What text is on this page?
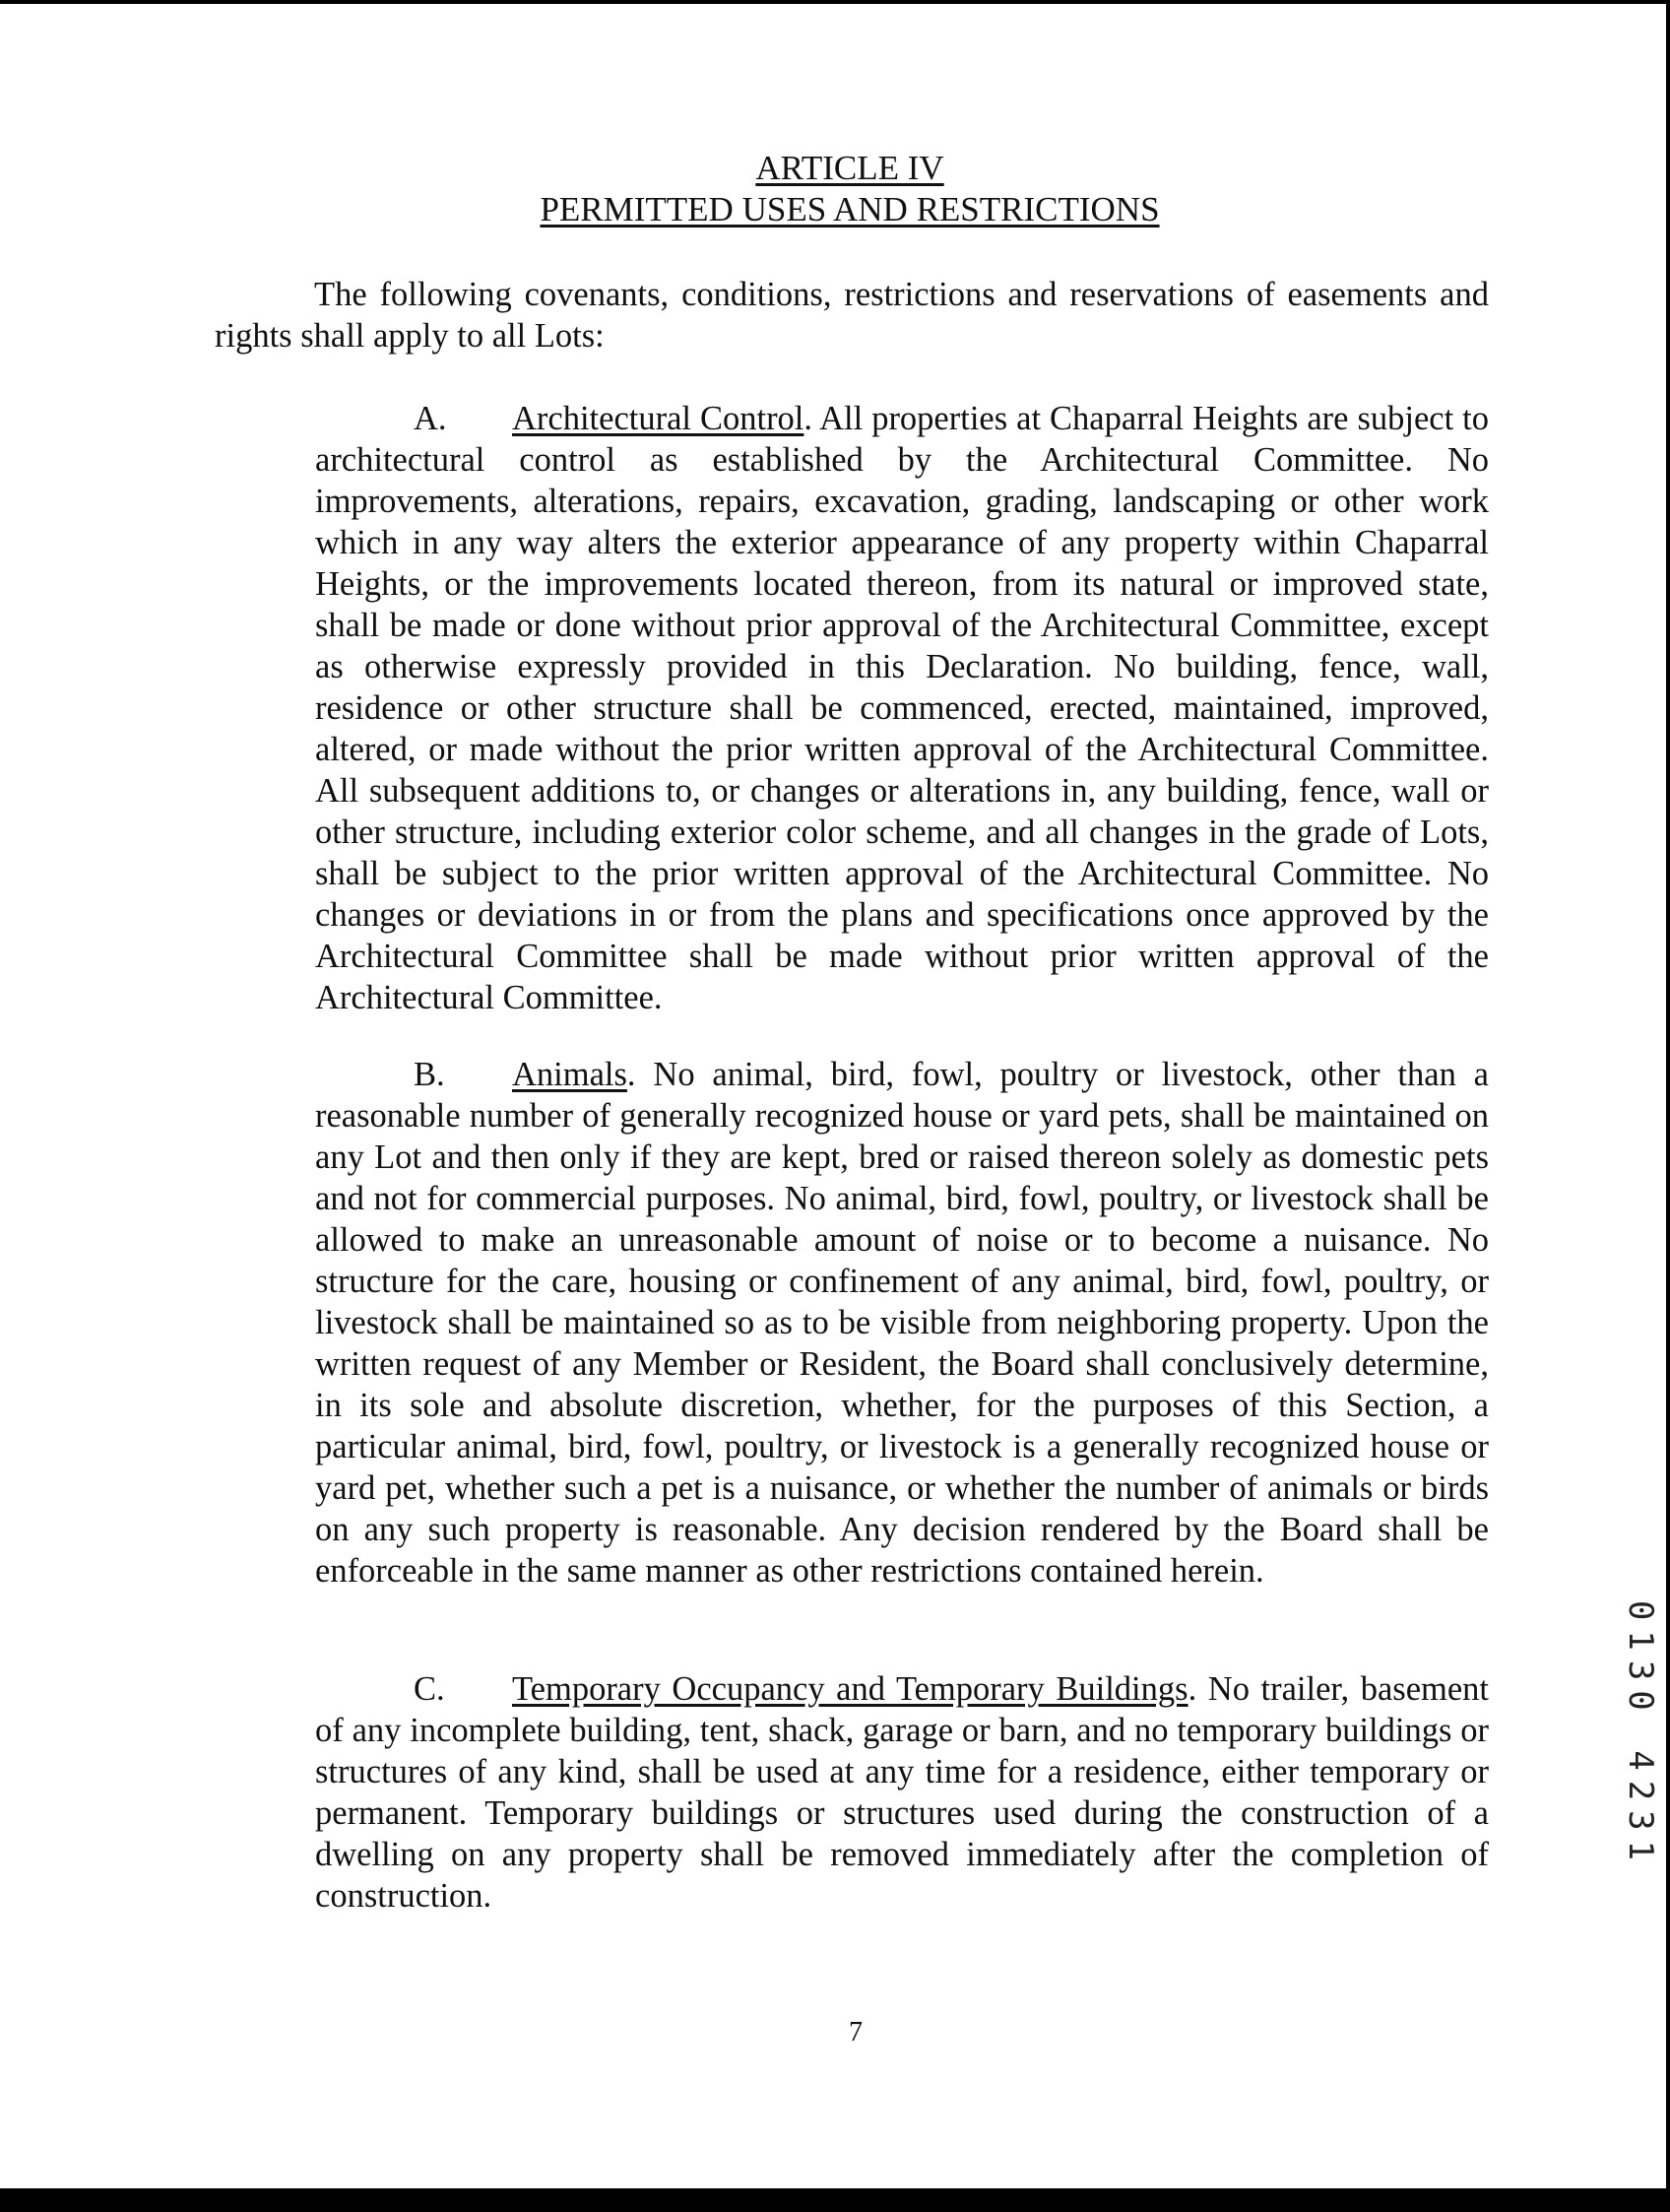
ARTICLE IV
PERMITTED USES AND RESTRICTIONS

The following covenants, conditions, restrictions and reservations of easements and rights shall apply to all Lots:

A. Architectural Control. All properties at Chaparral Heights are subject to architectural control as established by the Architectural Committee. No improvements, alterations, repairs, excavation, grading, landscaping or other work which in any way alters the exterior appearance of any property within Chaparral Heights, or the improvements located thereon, from its natural or improved state, shall be made or done without prior approval of the Architectural Committee, except as otherwise expressly provided in this Declaration. No building, fence, wall, residence or other structure shall be commenced, erected, maintained, improved, altered, or made without the prior written approval of the Architectural Committee. All subsequent additions to, or changes or alterations in, any building, fence, wall or other structure, including exterior color scheme, and all changes in the grade of Lots, shall be subject to the prior written approval of the Architectural Committee. No changes or deviations in or from the plans and specifications once approved by the Architectural Committee shall be made without prior written approval of the Architectural Committee.

B. Animals. No animal, bird, fowl, poultry or livestock, other than a reasonable number of generally recognized house or yard pets, shall be maintained on any Lot and then only if they are kept, bred or raised thereon solely as domestic pets and not for commercial purposes. No animal, bird, fowl, poultry, or livestock shall be allowed to make an unreasonable amount of noise or to become a nuisance. No structure for the care, housing or confinement of any animal, bird, fowl, poultry, or livestock shall be maintained so as to be visible from neighboring property. Upon the written request of any Member or Resident, the Board shall conclusively determine, in its sole and absolute discretion, whether, for the purposes of this Section, a particular animal, bird, fowl, poultry, or livestock is a generally recognized house or yard pet, whether such a pet is a nuisance, or whether the number of animals or birds on any such property is reasonable. Any decision rendered by the Board shall be enforceable in the same manner as other restrictions contained herein.

C. Temporary Occupancy and Temporary Buildings. No trailer, basement of any incomplete building, tent, shack, garage or barn, and no temporary buildings or structures of any kind, shall be used at any time for a residence, either temporary or permanent. Temporary buildings or structures used during the construction of a dwelling on any property shall be removed immediately after the completion of construction.

0130 4231
7
